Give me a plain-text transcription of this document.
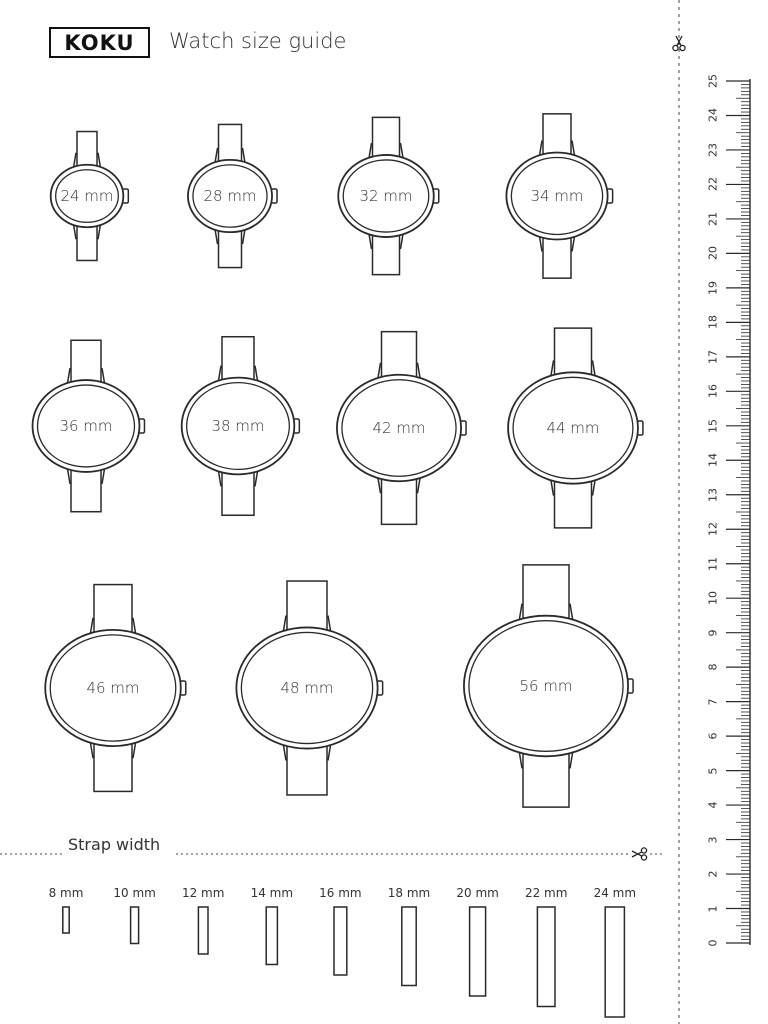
KOKU	Watch size guide
Strap width
24 mm	28 mm	32 mm	34 mm
36 mm	38 mm	42 mm	44 mm
46 mm	48 mm	56 mm
8 mm 10 mm 12 mm 14 mm 16 mm 18 mm 20 mm 22 mm 24 mm
0
1
2
3
4
5
6
7
8
9
10
11
12
13
14
15
16
17
18
19
20
21
22
23
24
25
